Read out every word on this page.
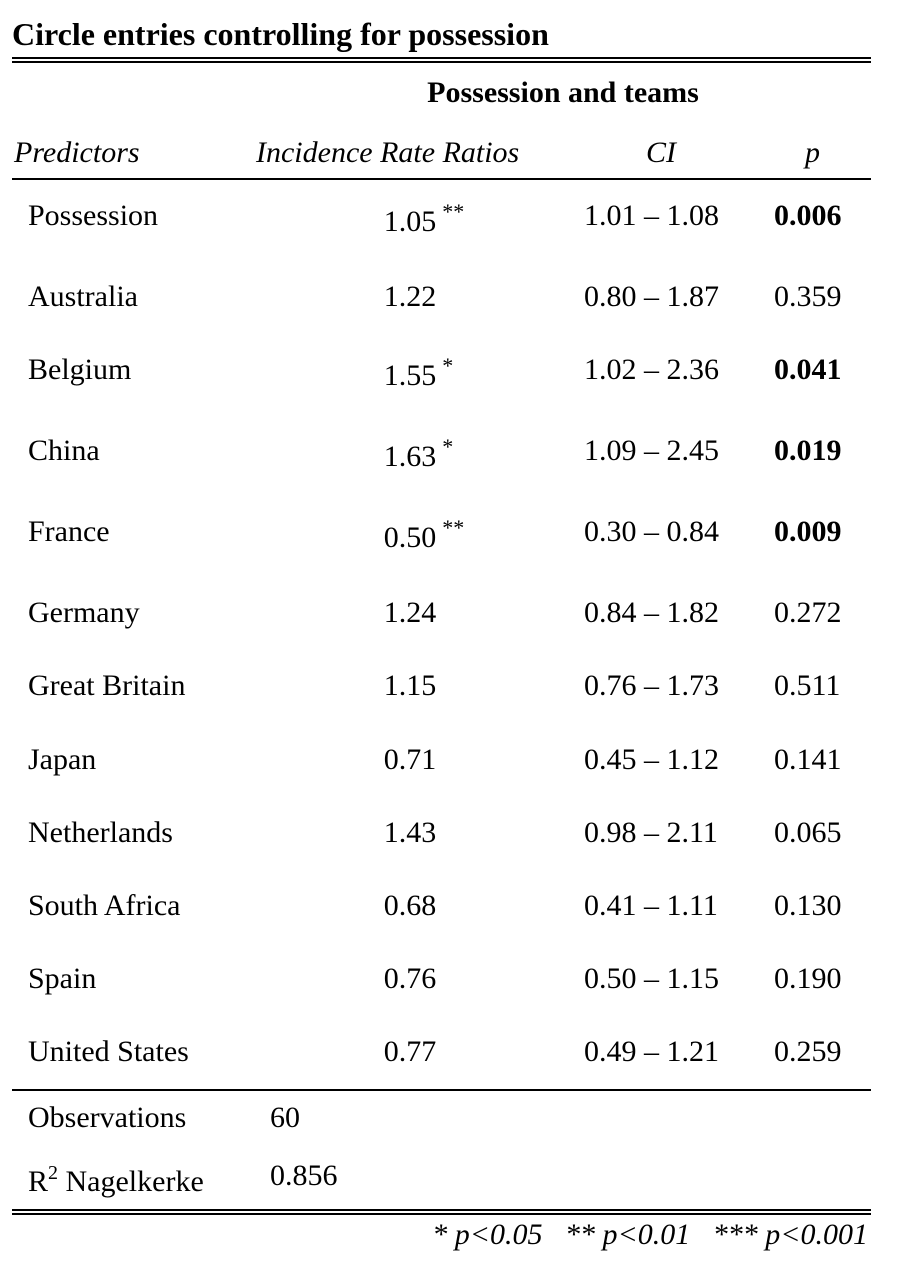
Circle entries controlling for possession
Possession and teams
Predictors	Incidence Rate Ratios	CI	p
Possession	1.05 **	1.01 – 1.08 0.006
Australia	1.22	0.80 – 1.87 0.359
Belgium	1.55 *	1.02 – 2.36 0.041
China	1.63 *	1.09 – 2.45 0.019
France	0.50 **	0.30 – 0.84 0.009
Germany	1.24	0.84 – 1.82 0.272
Great Britain	1.15	0.76 – 1.73 0.511
Japan	0.71	0.45 – 1.12 0.141
Netherlands	1.43	0.98 – 2.11 0.065
South Africa	0.68	0.41 – 1.11 0.130
Spain	0.76	0.50 – 1.15 0.190
United States	0.77	0.49 – 1.21 0.259
Observations	60
$R^2$ Nagelkerke 0.856
* p<0.05   ** p<0.01   *** p<0.001
